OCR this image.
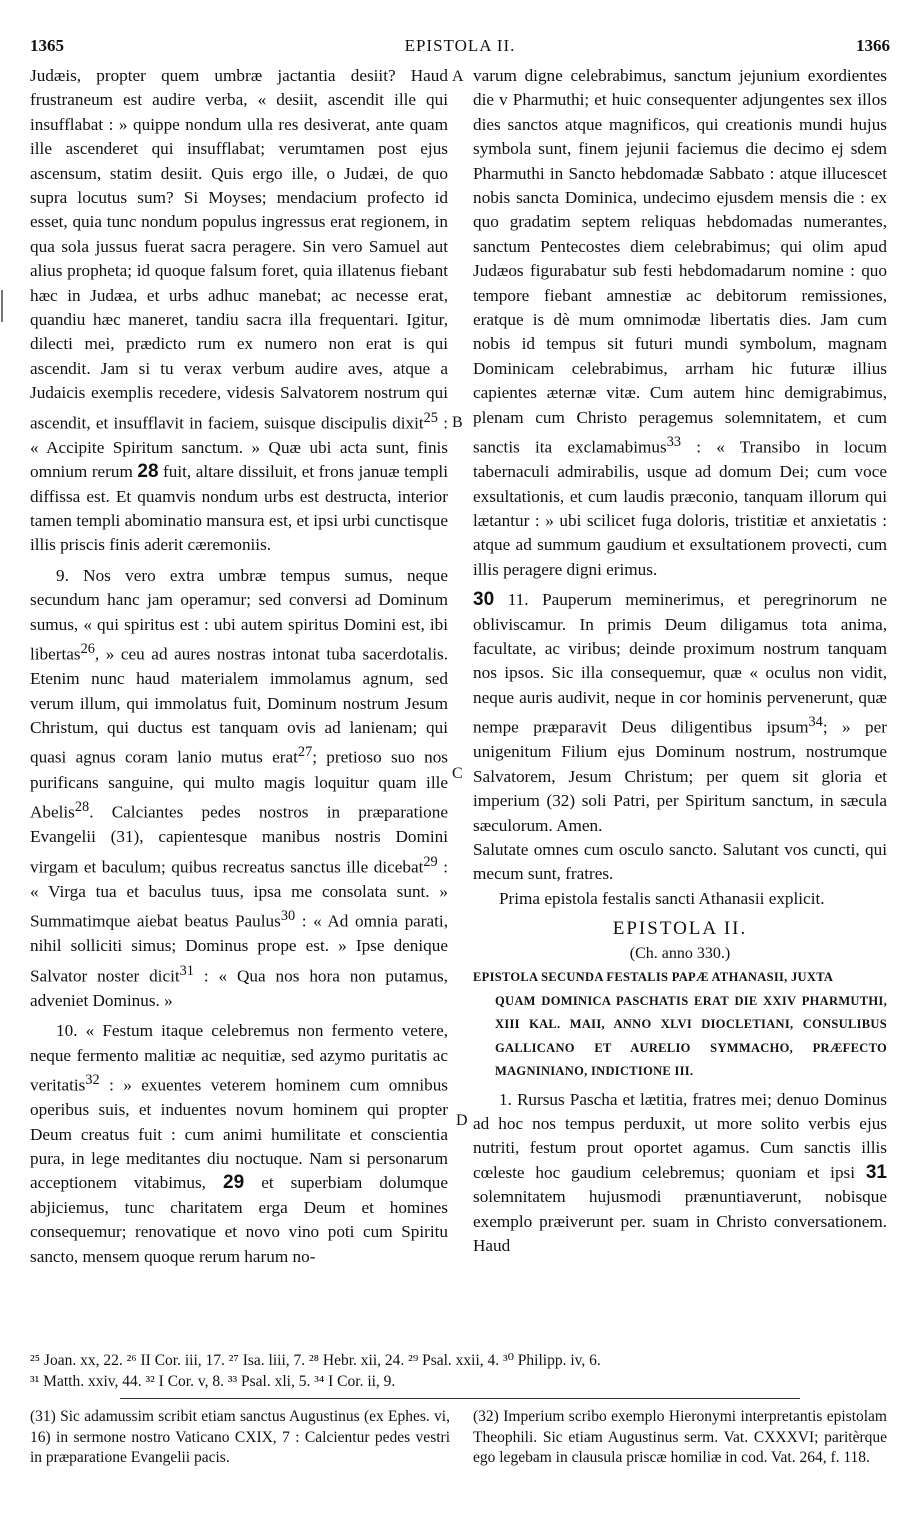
1365	EPISTOLA II.	1366
A
B
C
D

Judæis, propter quem umbræ jactantia desiit? Haud frustraneum est audire verba, « desiit, ascendit ille qui insufflabat : » quippe nondum ulla res desiverat, ante quam ille ascenderet qui insufflabat; verumtamen post ejus ascensum, statim desiit. Quis ergo ille, o Judæi, de quo supra locutus sum? Si Moyses; mendacium profecto id esset, quia tunc nondum populus ingressus erat regionem, in qua sola jussus fuerat sacra peragere. Sin vero Samuel aut alius propheta; id quoque falsum foret, quia illatenus fiebant hæc in Judæa, et urbs adhuc manebat; ac necesse erat, quandiu hæc maneret, tandiu sacra illa frequentari. Igitur, dilecti mei, prædicto rum ex numero non erat is qui ascendit. Jam si tu verax verbum audire aves, atque a Judaicis exemplis recedere, videsis Salvatorem nostrum qui ascendit, et insufflavit in faciem, suisque discipulis dixit$^{25}$ : « Accipite Spiritum sanctum. » Quæ ubi acta sunt, finis omnium rerum 28 fuit, altare dissiluit, et frons januæ templi diffissa est. Et quamvis nondum urbs est destructa, interior tamen templi abominatio mansura est, et ipsi urbi cunctisque illis priscis finis aderit cæremoniis.

9. Nos vero extra umbræ tempus sumus, neque secundum hanc jam operamur; sed conversi ad Dominum sumus, « qui spiritus est : ubi autem spiritus Domini est, ibi libertas$^{26}$, » ceu ad aures nostras intonat tuba sacerdotalis. Etenim nunc haud materialem immolamus agnum, sed verum illum, qui immolatus fuit, Dominum nostrum Jesum Christum, qui ductus est tanquam ovis ad lanienam; qui quasi agnus coram lanio mutus erat$^{27}$; pretioso suo nos purificans sanguine, qui multo magis loquitur quam ille Abelis$^{28}$. Calciantes pedes nostros in præparatione Evangelii (31), capientesque manibus nostris Domini virgam et baculum; quibus recreatus sanctus ille dicebat$^{29}$ : « Virga tua et baculus tuus, ipsa me consolata sunt. » Summatimque aiebat beatus Paulus$^{30}$ : « Ad omnia parati, nihil solliciti simus; Dominus prope est. » Ipse denique Salvator noster dicit$^{31}$ : « Qua nos hora non putamus, adveniet Dominus. »

10. « Festum itaque celebremus non fermento vetere, neque fermento malitiæ ac nequitiæ, sed azymo puritatis ac veritatis$^{32}$ : » exuentes veterem hominem cum omnibus operibus suis, et induentes novum hominem qui propter Deum creatus fuit : cum animi humilitate et conscientia pura, in lege meditantes diu noctuque. Nam si personarum acceptionem vitabimus, 29 et superbiam dolumque abjiciemus, tunc charitatem erga Deum et homines consequemur; renovatique et novo vino poti cum Spiritu sancto, mensem quoque rerum harum no-

varum digne celebrabimus, sanctum jejunium exordientes die v Pharmuthi; et huic consequenter adjungentes sex illos dies sanctos atque magnificos, qui creationis mundi hujus symbola sunt, finem jejunii faciemus die decimo ej sdem Pharmuthi in Sancto hebdomadæ Sabbato : atque illucescet nobis sancta Dominica, undecimo ejusdem mensis die : ex quo gradatim septem reliquas hebdomadas numerantes, sanctum Pentecostes diem celebrabimus; qui olim apud Judæos figurabatur sub festi hebdomadarum nomine : quo tempore fiebant amnestiæ ac debitorum remissiones, eratque is dè mum omnimodæ libertatis dies. Jam cum nobis id tempus sit futuri mundi symbolum, magnam Dominicam celebrabimus, arrham hic futuræ illius capientes æternæ vitæ. Cum autem hinc demigrabimus, plenam cum Christo peragemus solemnitatem, et cum sanctis ita exclamabimus$^{33}$ : « Transibo in locum tabernaculi admirabilis, usque ad domum Dei; cum voce exsultationis, et cum laudis præconio, tanquam illorum qui lætantur : » ubi scilicet fuga doloris, tristitiæ et anxietatis : atque ad summum gaudium et exsultationem provecti, cum illis peragere digni erimus.

30 11. Pauperum meminerimus, et peregrinorum ne obliviscamur. In primis Deum diligamus tota anima, facultate, ac viribus; deinde proximum nostrum tanquam nos ipsos. Sic illa consequemur, quæ « oculus non vidit, neque auris audivit, neque in cor hominis pervenerunt, quæ nempe præparavit Deus diligentibus ipsum$^{34}$; » per unigenitum Filium ejus Dominum nostrum, nostrumque Salvatorem, Jesum Christum; per quem sit gloria et imperium (32) soli Patri, per Spiritum sanctum, in sæcula sæculorum. Amen.

Salutate omnes cum osculo sancto. Salutant vos cuncti, qui mecum sunt, fratres.

Prima epistola festalis sancti Athanasii explicit.

EPISTOLA II.

(Ch. anno 330.)

EPISTOLA SECUNDA FESTALIS PAPÆ ATHANASII, JUXTA

QUAM DOMINICA PASCHATIS ERAT DIE XXIV PHARMUTHI, XIII KAL. MAII, ANNO XLVI DIOCLETIANI, CONSULIBUS GALLICANO ET AURELIO SYMMACHO, PRÆFECTO MAGNINIANO, INDICTIONE III.

1. Rursus Pascha et lætitia, fratres mei; denuo Dominus ad hoc nos tempus perduxit, ut more solito verbis ejus nutriti, festum prout oportet agamus. Cum sanctis illis cœleste hoc gaudium celebremus; quoniam et ipsi 31 solemnitatem hujusmodi prænuntiaverunt, nobisque exemplo præiverunt per. suam in Christo conversationem. Haud

²⁵ Joan. xx, 22. ²⁶ II Cor. iii, 17. ²⁷ Isa. liii, 7. ²⁸ Hebr. xii, 24. ²⁹ Psal. xxii, 4. ³⁰ Philipp. iv, 6.

³¹ Matth. xxiv, 44. ³² I Cor. v, 8. ³³ Psal. xli, 5. ³⁴ I Cor. ii, 9.

(31) Sic adamussim scribit etiam sanctus Augustinus (ex Ephes. vi, 16) in sermone nostro Vaticano CXIX, 7 : Calcientur pedes vestri in præparatione Evangelii pacis.

(32) Imperium scribo exemplo Hieronymi interpretantis epistolam Theophili. Sic etiam Augustinus serm. Vat. CXXXVI; paritèrque ego legebam in clausula priscæ homiliæ in cod. Vat. 264, f. 118.
